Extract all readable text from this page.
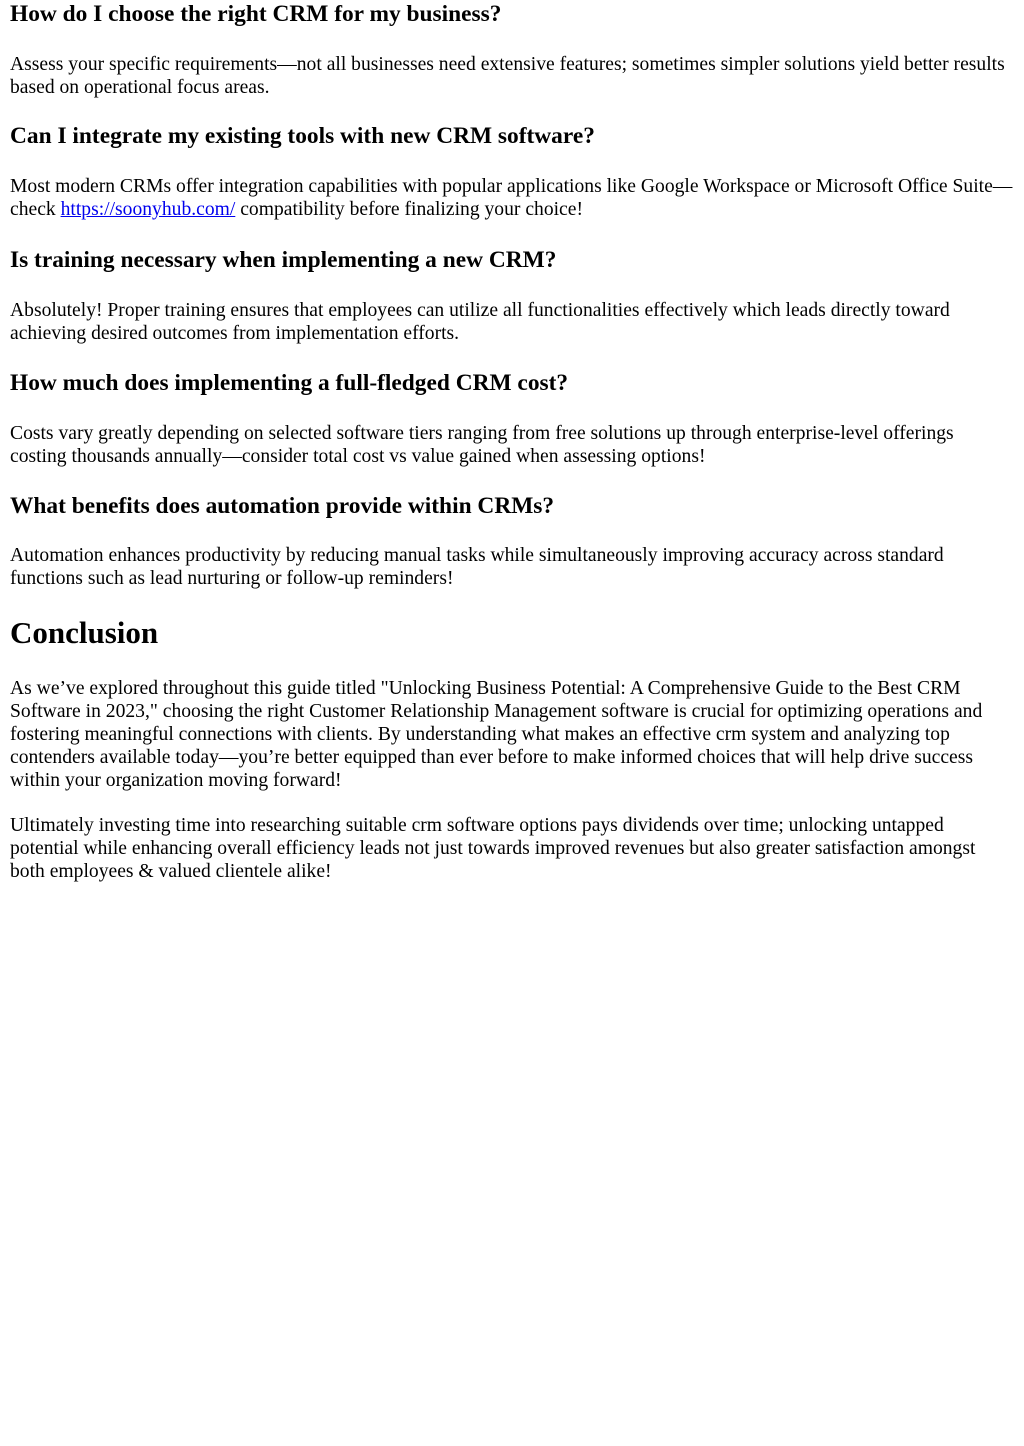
How do I choose the right CRM for my business?

Assess your specific requirements—not all businesses need extensive features; sometimes simpler solutions yield better results based on operational focus areas.

Can I integrate my existing tools with new CRM software?

Most modern CRMs offer integration capabilities with popular applications like Google Workspace or Microsoft Office Suite—check https://soonyhub.com/ compatibility before finalizing your choice!

Is training necessary when implementing a new CRM?

Absolutely! Proper training ensures that employees can utilize all functionalities effectively which leads directly toward achieving desired outcomes from implementation efforts.

How much does implementing a full-fledged CRM cost?

Costs vary greatly depending on selected software tiers ranging from free solutions up through enterprise-level offerings costing thousands annually—consider total cost vs value gained when assessing options!

What benefits does automation provide within CRMs?

Automation enhances productivity by reducing manual tasks while simultaneously improving accuracy across standard functions such as lead nurturing or follow-up reminders!

Conclusion

As we’ve explored throughout this guide titled "Unlocking Business Potential: A Comprehensive Guide to the Best CRM Software in 2023," choosing the right Customer Relationship Management software is crucial for optimizing operations and fostering meaningful connections with clients. By understanding what makes an effective crm system and analyzing top contenders available today—you’re better equipped than ever before to make informed choices that will help drive success within your organization moving forward!

Ultimately investing time into researching suitable crm software options pays dividends over time; unlocking untapped potential while enhancing overall efficiency leads not just towards improved revenues but also greater satisfaction amongst both employees & valued clientele alike!
